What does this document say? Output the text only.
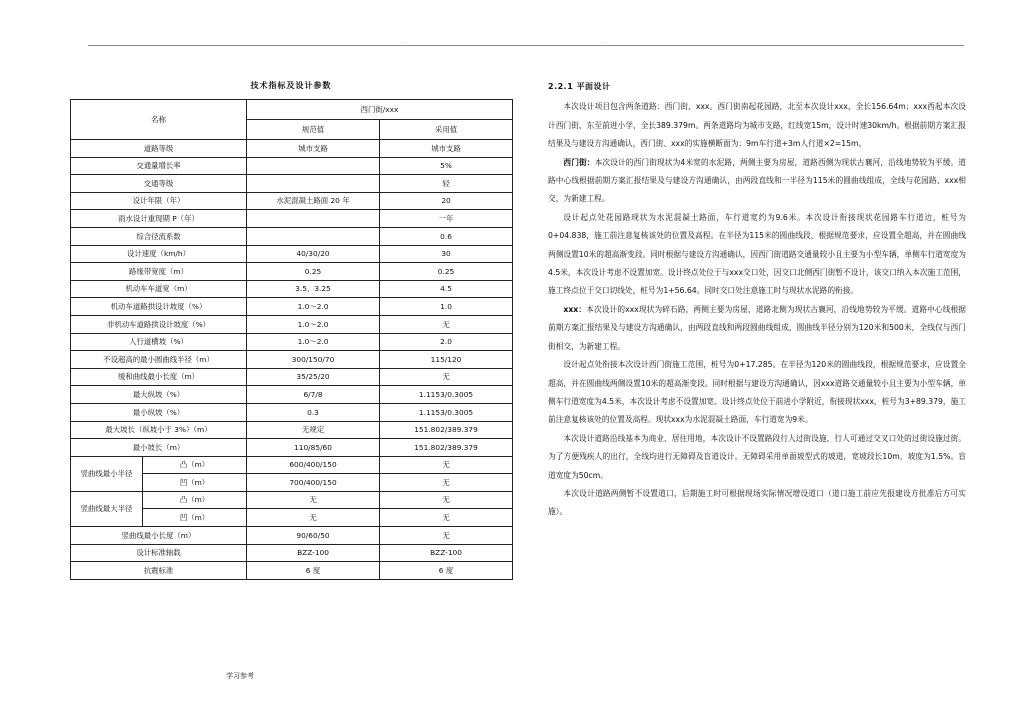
. .	. .
技术指标及设计参数
名称		西门街/xxx	
		规范值	采用值
道路等级		城市支路	城市支路
交通量增长率			5%
交通等级			轻
设计年限（年）		水泥混凝土路面 20 年	20
雨水设计重现期 P（年）			一年
综合径流系数			0.6
设计速度（km/h）		40/30/20	30
路缘带宽度（m）		0.25	0.25
机动车车道宽（m）		3.5、3.25	4.5
机动车道路拱设计坡度（%）		1.0～2.0	1.0
非机动车道路拱设计坡度（%）		1.0～2.0	无
人行道横坡（%）		1.0～2.0	2.0
不设超高的最小圆曲线半径（m）		300/150/70	115/120
缓和曲线最小长度（m）		35/25/20	无
最大纵坡（%）		6/7/8	1.1153/0.3005
最小纵坡（%）		0.3	1.1153/0.3005
最大坡长（纵坡小于 3%）（m）		无规定	151.802/389.379
最小坡长（m）		110/85/60	151.802/389.379
竖曲线最小半径	凸（m）	600/400/150	无
	凹（m）	700/400/150	无
竖曲线最大半径	凸（m）	无	无
	凹（m）	无	无
竖曲线最小长度（m）		90/60/50	无
设计标准轴载		BZZ-100	BZZ-100
抗震标准		6 度	6 度
2.2.1 平面设计

本次设计项目包含两条道路：西门街、xxx。西门街南起花园路，北至本次设计xxx，全长156.64m；xxx西起本次设计西门街，东至前进小学，全长389.379m。两条道路均为城市支路，红线宽15m，设计时速30km/h。根据前期方案汇报结果及与建设方沟通确认，西门街、xxx的实施横断面为：9m车行道+3m人行道×2=15m。

西门街：本次设计的西门街现状为4米宽的水泥路，两侧主要为房屋，道路西侧为现状古襄河，沿线地势较为平缓。道路中心线根据前期方案汇报结果及与建设方沟通确认，由两段直线和一半径为115米的圆曲线组成，全线与花园路、xxx相交，为新建工程。

设计起点处花园路现状为水泥混凝土路面，车行道宽约为9.6米。本次设计衔接现状花园路车行道边，桩号为0+04.838，施工前注意复核该处的位置及高程。在半径为115米的圆曲线段，根据规范要求，应设置全超高，并在圆曲线两侧设置10米的超高渐变段。同时根据与建设方沟通确认，因西门街道路交通量较小且主要为小型车辆，单侧车行道宽度为4.5米，本次设计考虑不设置加宽。设计终点处位于与xxx交口处，因交口北侧西门街暂不设计，该交口纳入本次施工范围，施工终点位于交口切线处，桩号为1+56.64。同时交口处注意施工时与现状水泥路的衔接。

xxx：本次设计的xxx现状为碎石路，两侧主要为房屋，道路北侧为现状古襄河，沿线地势较为平缓。道路中心线根据前期方案汇报结果及与建设方沟通确认，由两段直线和两段圆曲线组成，圆曲线半径分别为120米和500米，全线仅与西门街相交，为新建工程。

设计起点处衔接本次设计西门街施工范围，桩号为0+17.285。在半径为120米的圆曲线段，根据规范要求，应设置全超高，并在圆曲线两侧设置10米的超高渐变段。同时根据与建设方沟通确认，因xxx道路交通量较小且主要为小型车辆，单侧车行道宽度为4.5米，本次设计考虑不设置加宽。设计终点处位于前进小学附近，衔接现状xxx，桩号为3+89.379，施工前注意复核该处的位置及高程。现状xxx为水泥混凝土路面，车行道宽为9米。

本次设计道路沿线基本为商业、居住用地，本次设计不设置路段行人过街设施，行人可通过交叉口处的过街设施过街。为了方便残疾人的出行，全线均进行无障碍及盲道设计。无障碍采用单面坡型式的坡道，宽坡段长10m，坡度为1.5%。盲道宽度为50cm。

本次设计道路两侧暂不设置道口，后期施工时可根据现场实际情况增设道口（道口施工前应先报建设方批准后方可实施）。

学习参考
